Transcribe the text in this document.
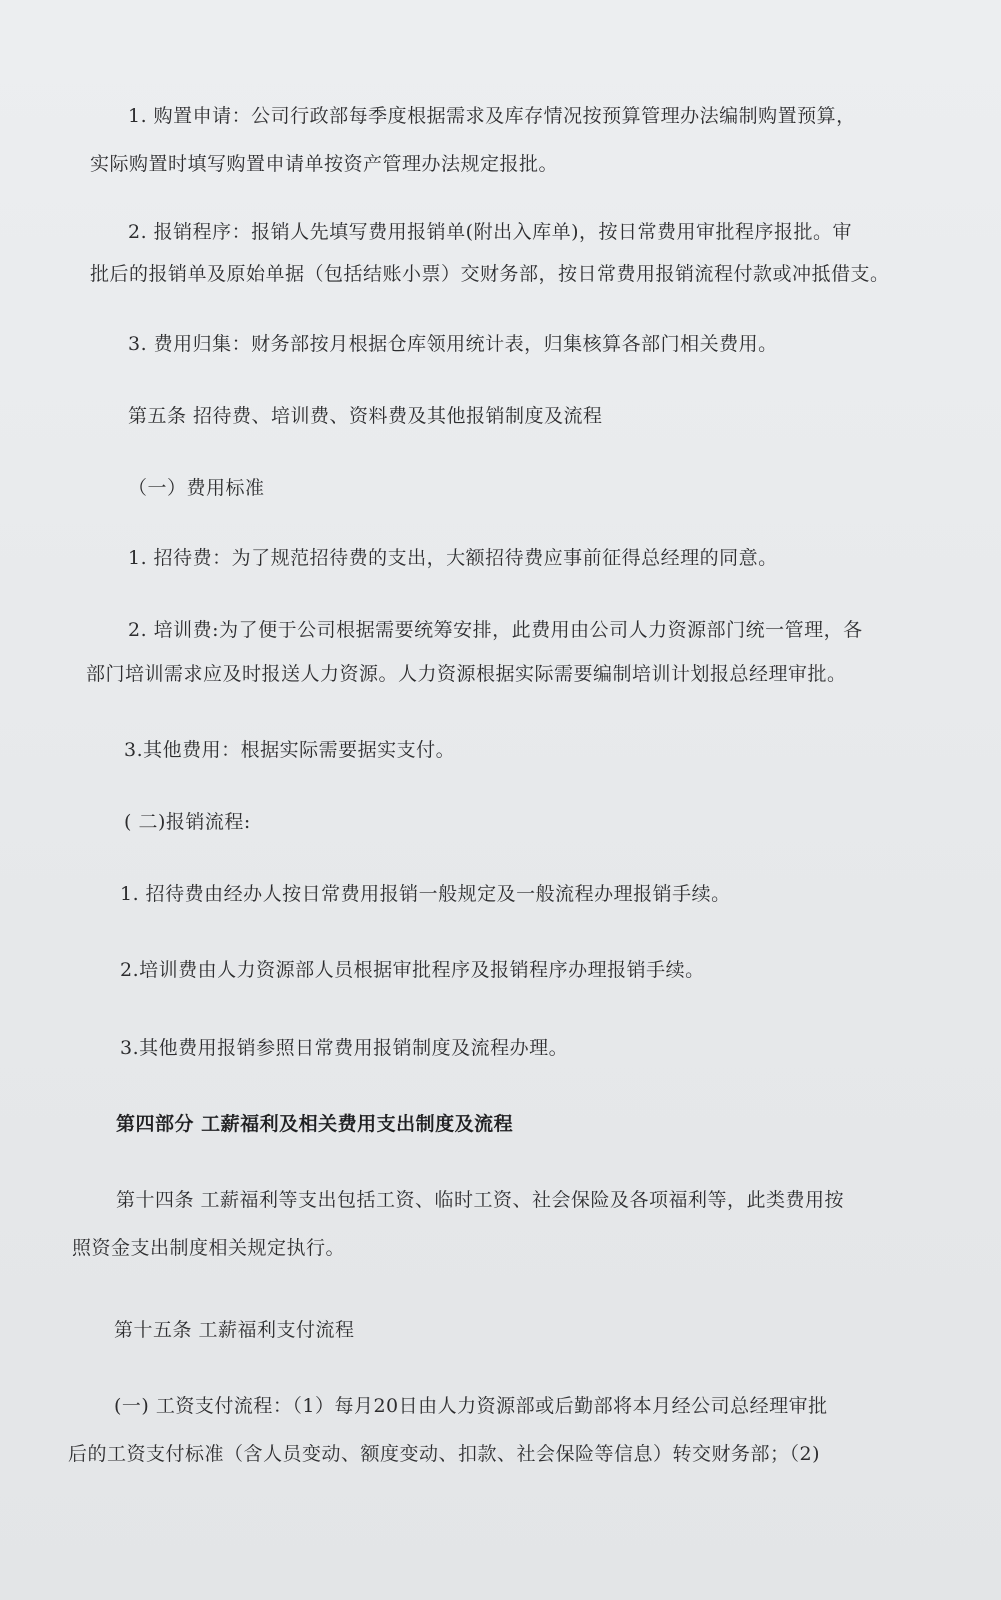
1. 购置申请：公司行政部每季度根据需求及库存情况按预算管理办法编制购置预算，
实际购置时填写购置申请单按资产管理办法规定报批。
2. 报销程序：报销人先填写费用报销单(附出入库单)，按日常费用审批程序报批。审
批后的报销单及原始单据（包括结账小票）交财务部，按日常费用报销流程付款或冲抵借支。
3. 费用归集：财务部按月根据仓库领用统计表，归集核算各部门相关费用。
第五条 招待费、培训费、资料费及其他报销制度及流程
（一）费用标准
1. 招待费：为了规范招待费的支出，大额招待费应事前征得总经理的同意。
2. 培训费:为了便于公司根据需要统筹安排，此费用由公司人力资源部门统一管理，各
部门培训需求应及时报送人力资源。人力资源根据实际需要编制培训计划报总经理审批。
3.其他费用：根据实际需要据实支付。
( 二)报销流程:
1. 招待费由经办人按日常费用报销一般规定及一般流程办理报销手续。
2.培训费由人力资源部人员根据审批程序及报销程序办理报销手续。
3.其他费用报销参照日常费用报销制度及流程办理。
第四部分 工薪福利及相关费用支出制度及流程
第十四条 工薪福利等支出包括工资、临时工资、社会保险及各项福利等，此类费用按
照资金支出制度相关规定执行。
第十五条 工薪福利支付流程
(一) 工资支付流程：（1）每月20日由人力资源部或后勤部将本月经公司总经理审批
后的工资支付标准（含人员变动、额度变动、扣款、社会保险等信息）转交财务部；（2)
